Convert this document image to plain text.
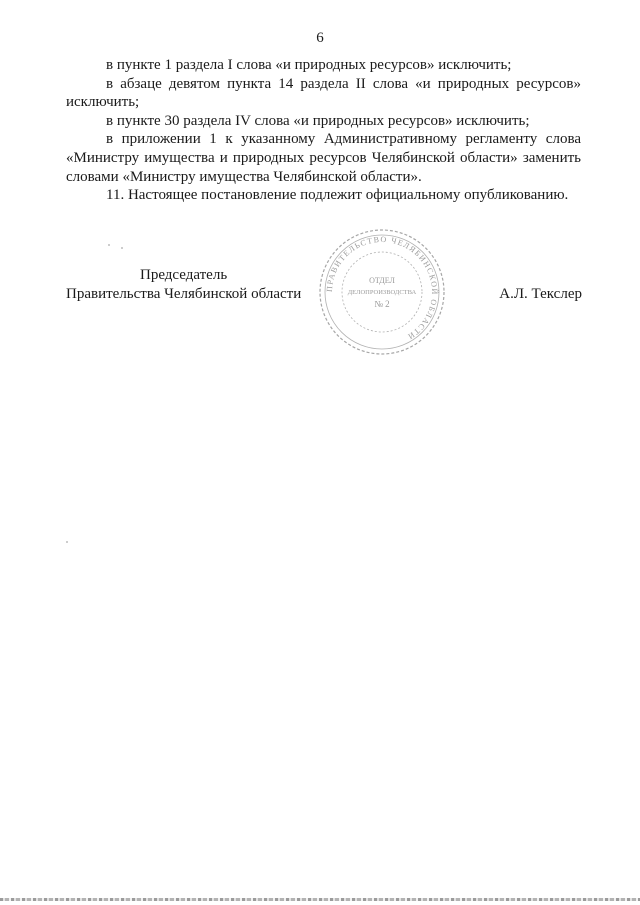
6

в пункте 1 раздела I слова «и природных ресурсов» исключить;

в абзаце девятом пункта 14 раздела II слова «и природных ресурсов» исключить;

в пункте 30 раздела IV слова «и природных ресурсов» исключить;

в приложении 1 к указанному Административному регламенту слова «Министру имущества и природных ресурсов Челябинской области» заменить словами «Министру имущества Челябинской области».

11. Настоящее постановление подлежит официальному опубликованию.

Председатель
Правительства Челябинской области	ПРАВИТЕЛЬСТВО ЧЕЛЯБИНСКОЙ ОБЛАСТИ
ОТДЕЛ
ДЕЛОПРОИЗВОДСТВА
№ 2
А.Л. Текслер
